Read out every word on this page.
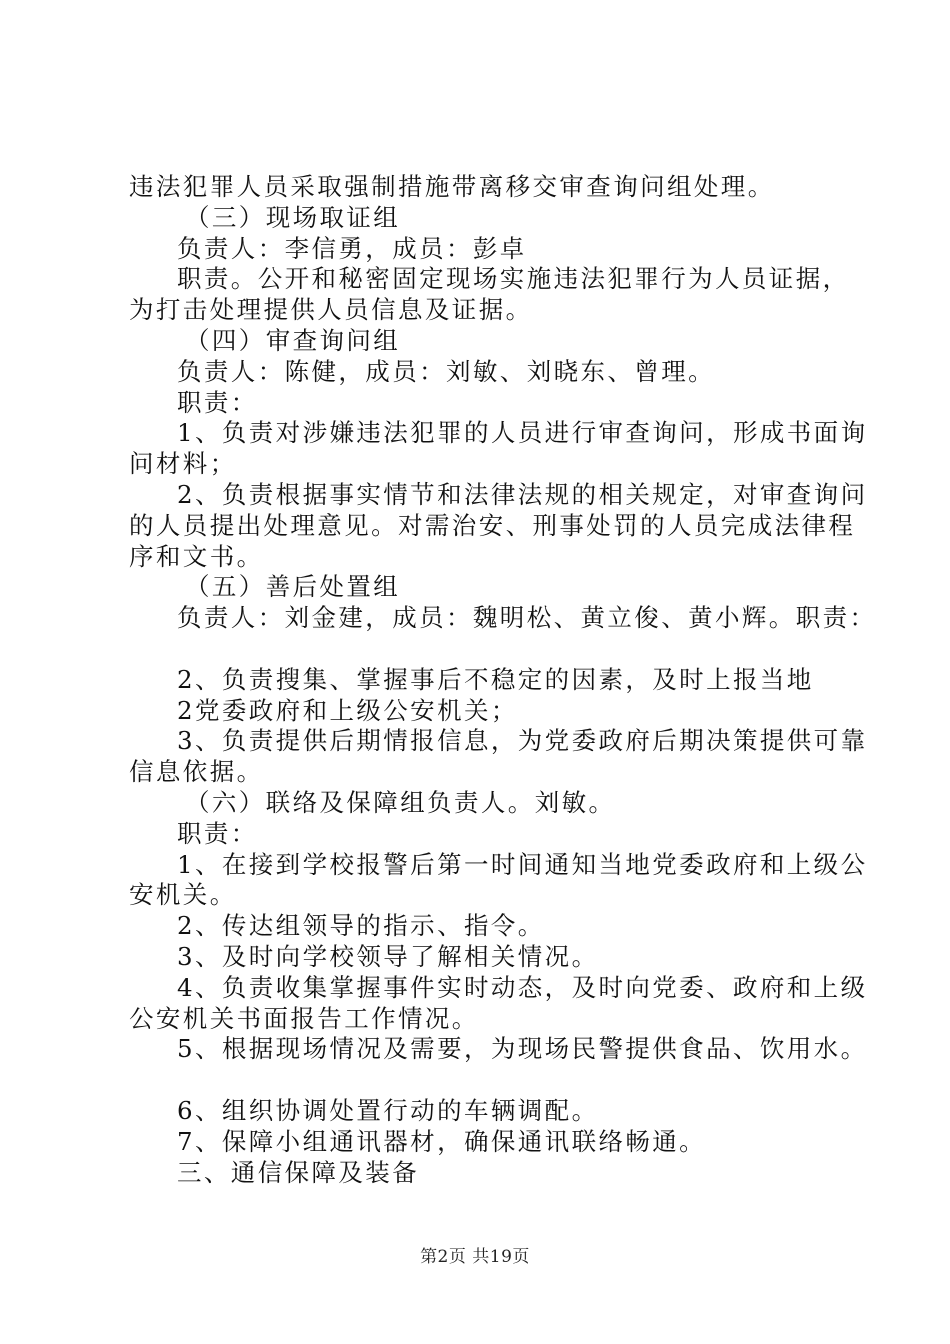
违法犯罪人员采取强制措施带离移交审查询问组处理。
（三）现场取证组
负责人：李信勇，成员：彭卓
职责。公开和秘密固定现场实施违法犯罪行为人员证据，
为打击处理提供人员信息及证据。
（四）审查询问组
负责人：陈健，成员：刘敏、刘晓东、曾理。
职责：
1、负责对涉嫌违法犯罪的人员进行审查询问，形成书面询
问材料；
2、负责根据事实情节和法律法规的相关规定，对审查询问
的人员提出处理意见。对需治安、刑事处罚的人员完成法律程
序和文书。
（五）善后处置组
负责人：刘金建，成员：魏明松、黄立俊、黄小辉。职责：
2、负责搜集、掌握事后不稳定的因素，及时上报当地
2党委政府和上级公安机关；
3、负责提供后期情报信息，为党委政府后期决策提供可靠
信息依据。
（六）联络及保障组负责人。刘敏。
职责：
1、在接到学校报警后第一时间通知当地党委政府和上级公
安机关。
2、传达组领导的指示、指令。
3、及时向学校领导了解相关情况。
4、负责收集掌握事件实时动态，及时向党委、政府和上级
公安机关书面报告工作情况。
5、根据现场情况及需要，为现场民警提供食品、饮用水。
6、组织协调处置行动的车辆调配。
7、保障小组通讯器材，确保通讯联络畅通。
三、通信保障及装备
第2页 共19页
